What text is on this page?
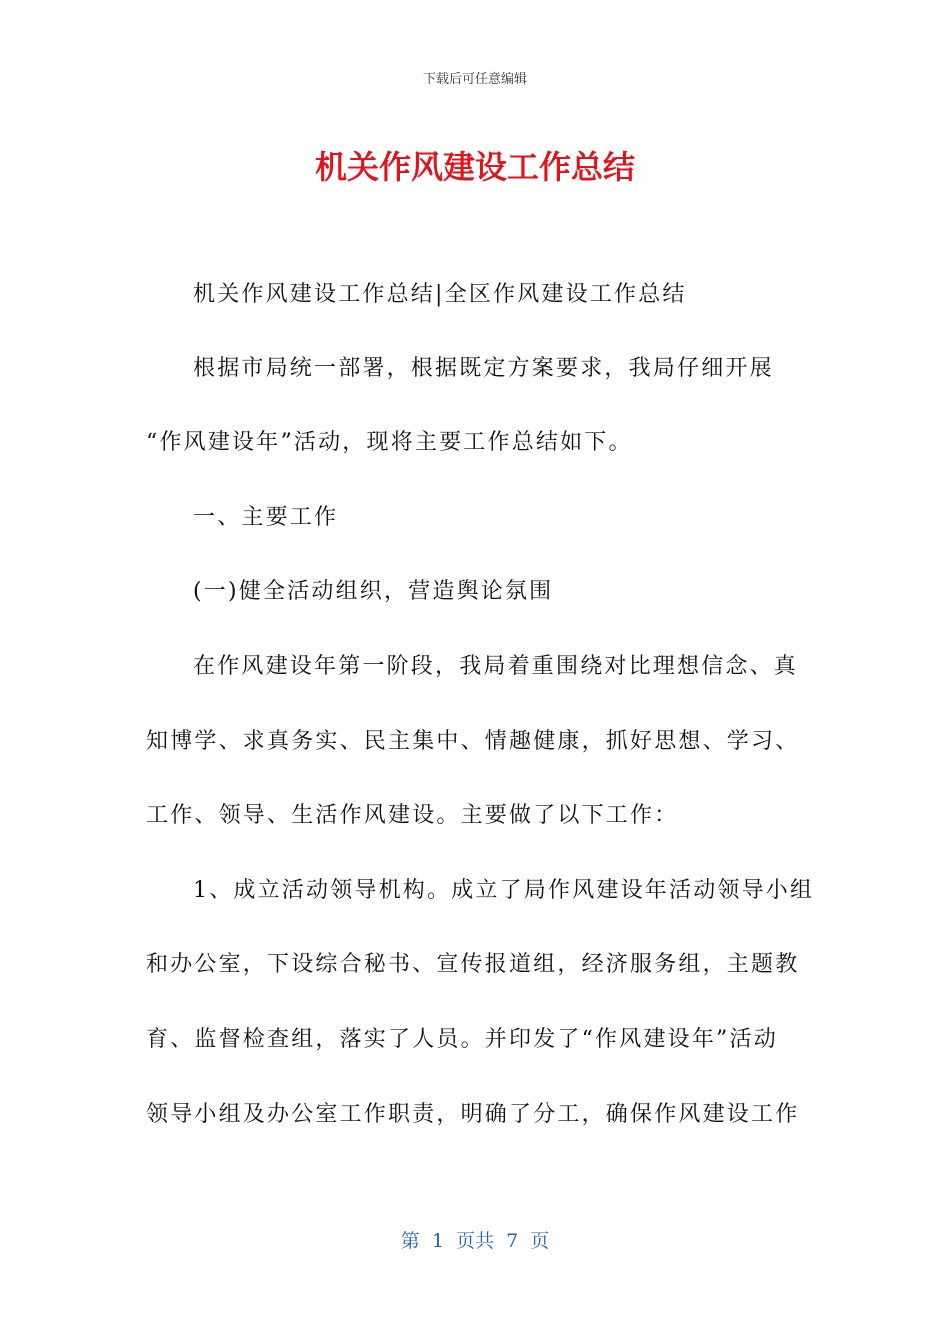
下载后可任意编辑
机关作风建设工作总结
机关作风建设工作总结|全区作风建设工作总结
根据市局统一部署，根据既定方案要求，我局仔细开展
“作风建设年”活动，现将主要工作总结如下。
一、主要工作
(一)健全活动组织，营造舆论氛围
在作风建设年第一阶段，我局着重围绕对比理想信念、真
知博学、求真务实、民主集中、情趣健康，抓好思想、学习、
工作、领导、生活作风建设。主要做了以下工作：
1、成立活动领导机构。成立了局作风建设年活动领导小组
和办公室，下设综合秘书、宣传报道组，经济服务组，主题教
育、监督检查组，落实了人员。并印发了“作风建设年”活动
领导小组及办公室工作职责，明确了分工，确保作风建设工作
第  1  页共  7  页
